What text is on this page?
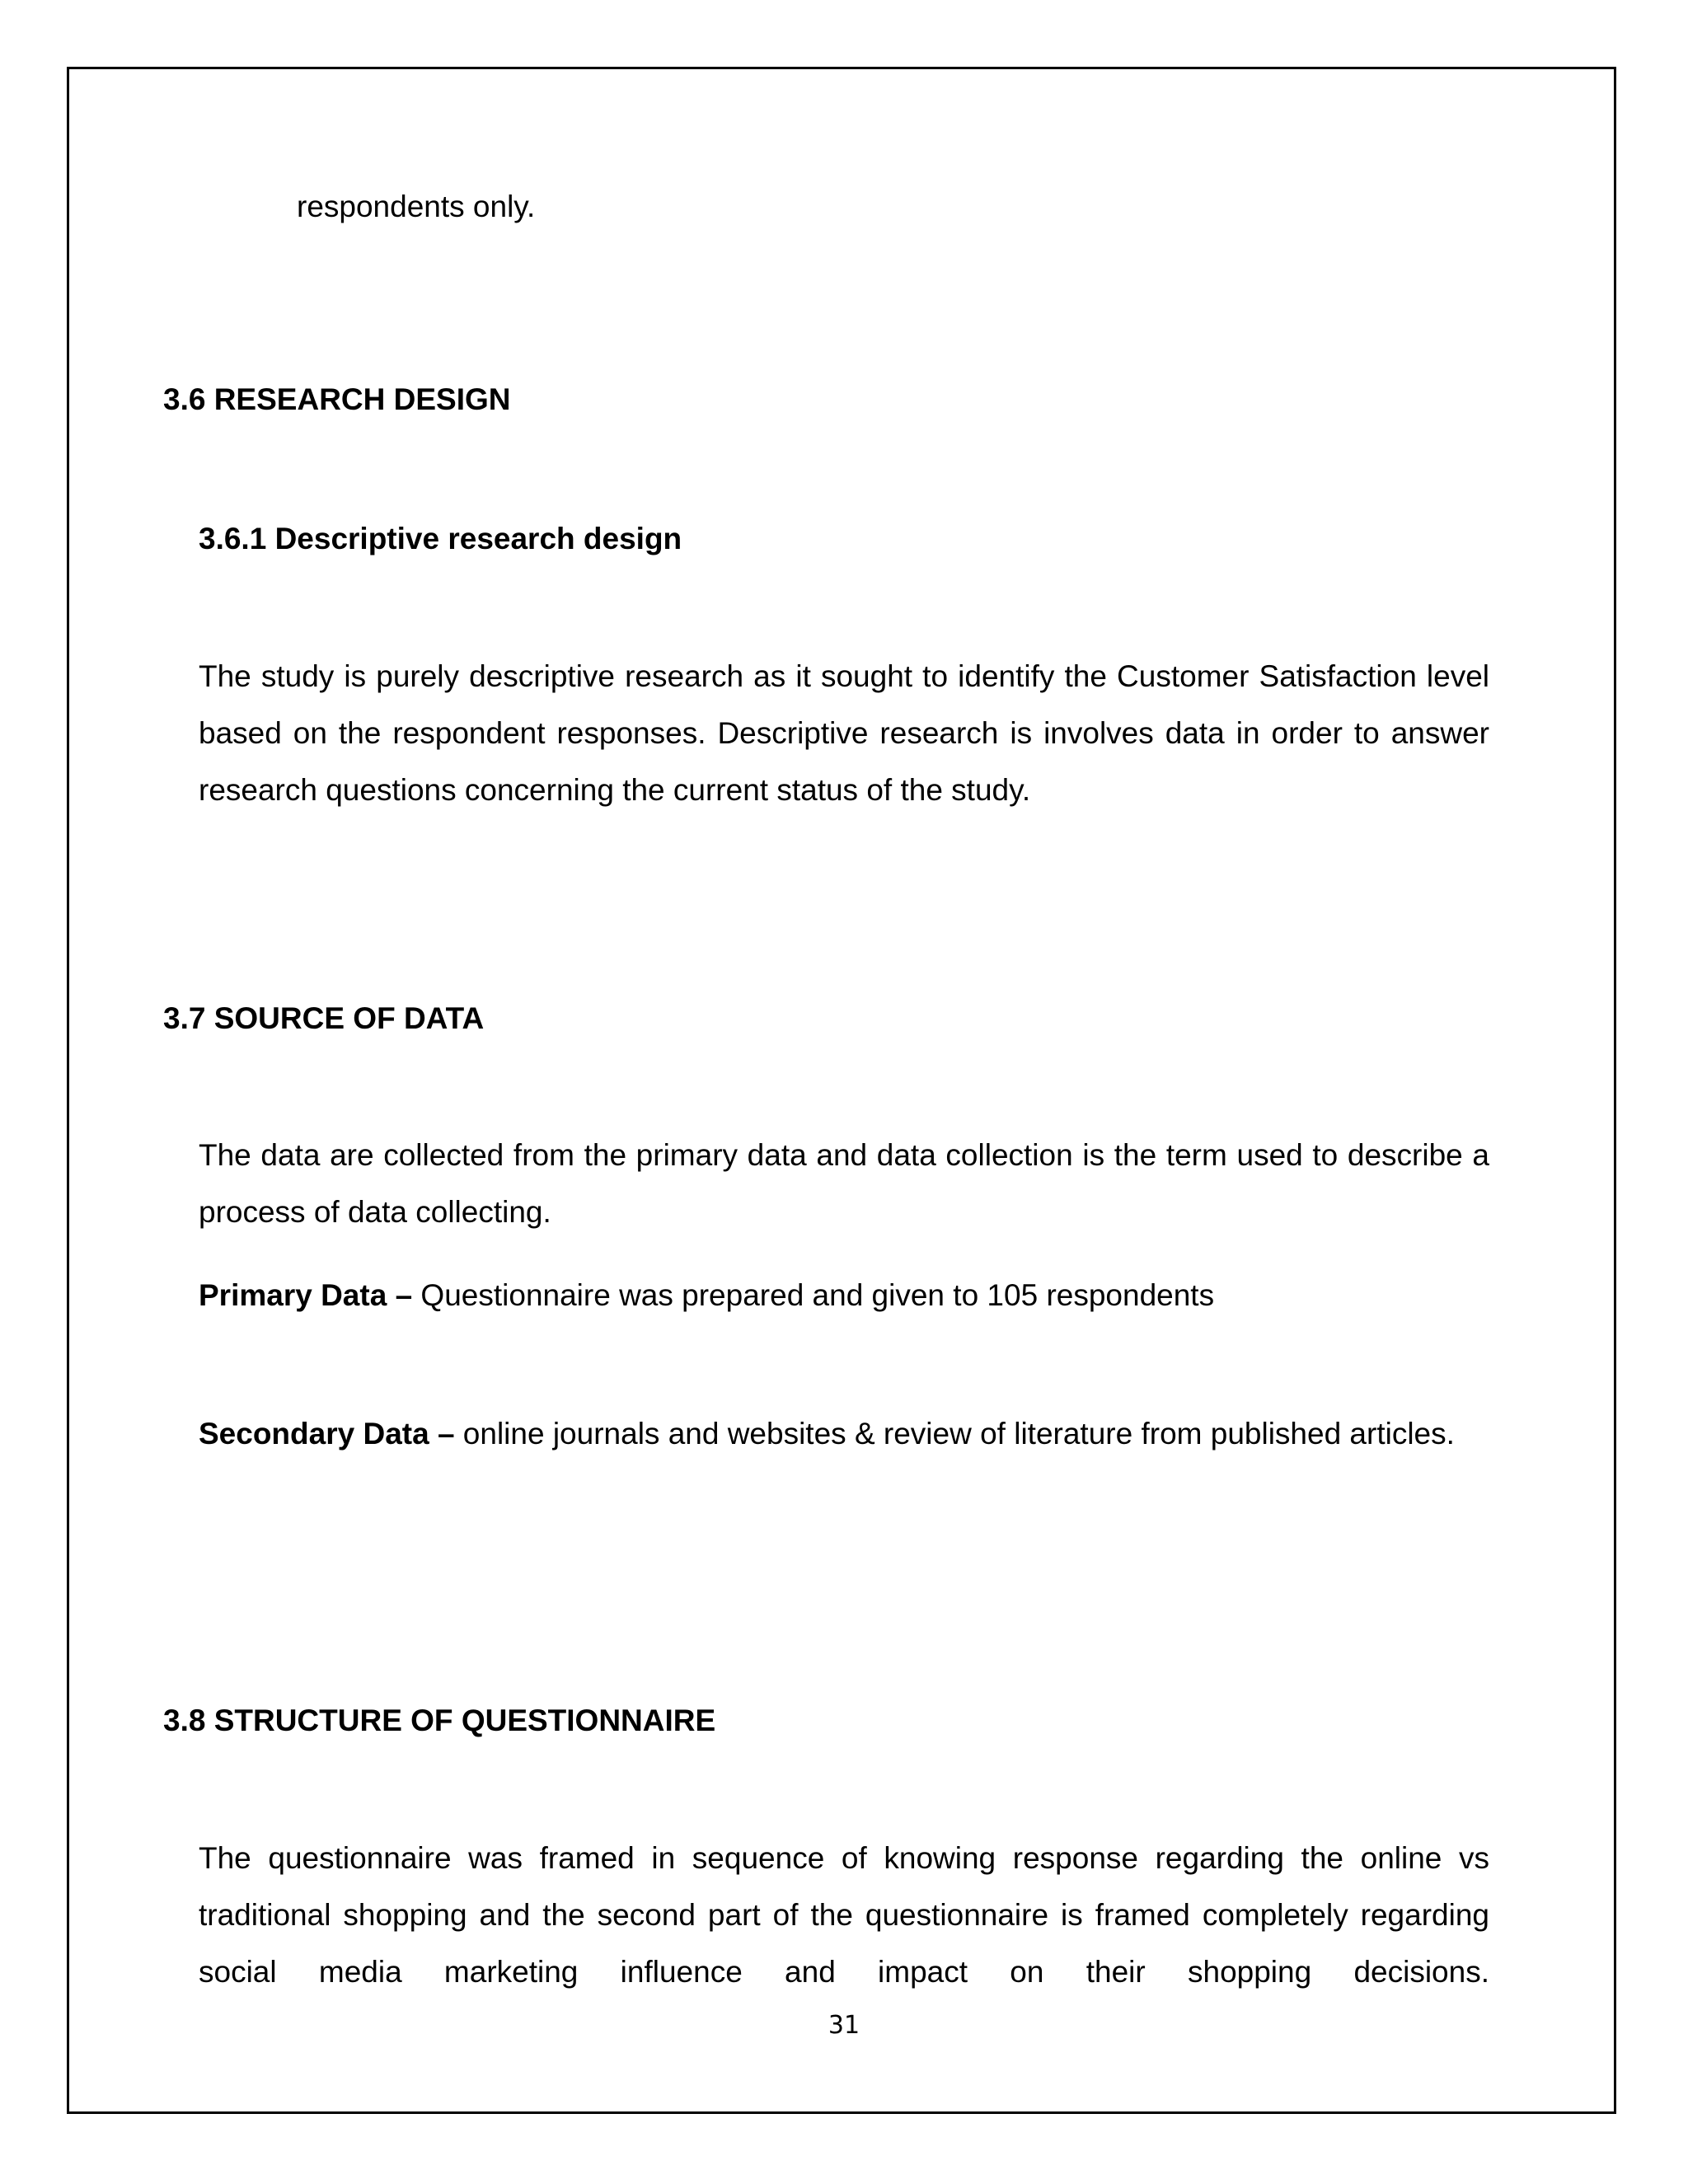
respondents only.

3.6 RESEARCH DESIGN

3.6.1 Descriptive research design

The study is purely descriptive research as it sought to identify the Customer Satisfaction level based on the respondent responses. Descriptive research is involves data in order to answer research questions concerning the current status of the study.

3.7 SOURCE OF DATA

The data are collected from the primary data and data collection is the term used to describe a process of data collecting.

Primary Data – Questionnaire was prepared and given to 105 respondents

Secondary Data – online journals and websites & review of literature from published articles.

3.8 STRUCTURE OF QUESTIONNAIRE

The questionnaire was framed in sequence of knowing response regarding the online vs traditional shopping and the second part of the questionnaire is framed completely regarding social media marketing influence and impact on their shopping decisions.

31
